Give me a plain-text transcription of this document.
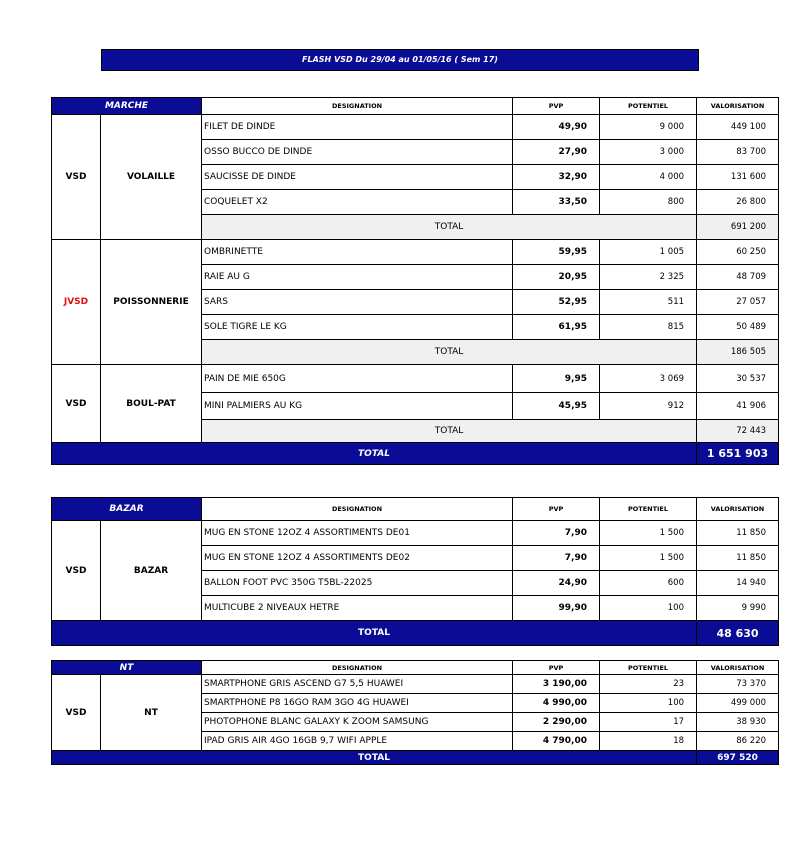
FLASH VSD Du 29/04 au 01/05/16 ( Sem 17)
MARCHE		DESIGNATION	PVP	POTENTIEL	VALORISATION
VSD	VOLAILLE	FILET DE DINDE	49,90	9 000	449 100
		OSSO BUCCO DE DINDE	27,90	3 000	83 700
		SAUCISSE DE DINDE	32,90	4 000	131 600
		COQUELET X2	33,50	800	26 800
		TOTAL			691 200
JVSD	POISSONNERIE	OMBRINETTE	59,95	1 005	60 250
		RAIE AU G	20,95	2 325	48 709
		SARS	52,95	511	27 057
		SOLE TIGRE LE KG	61,95	815	50 489
		TOTAL			186 505
VSD	BOUL-PAT	PAIN DE MIE 650G	9,95	3 069	30 537
		MINI PALMIERS AU KG	45,95	912	41 906
		TOTAL			72 443
TOTAL					1 651 903
BAZAR		DESIGNATION	PVP	POTENTIEL	VALORISATION
VSD	BAZAR	MUG EN STONE 12OZ 4 ASSORTIMENTS DE01	7,90	1 500	11 850
		MUG EN STONE 12OZ 4 ASSORTIMENTS DE02	7,90	1 500	11 850
		BALLON FOOT PVC 350G T5BL-22025	24,90	600	14 940
		MULTICUBE 2 NIVEAUX HETRE	99,90	100	9 990
TOTAL					48 630
NT		DESIGNATION	PVP	POTENTIEL	VALORISATION
VSD	NT	SMARTPHONE GRIS ASCEND G7 5,5 HUAWEI	3 190,00	23	73 370
		SMARTPHONE P8 16GO RAM 3GO 4G HUAWEI	4 990,00	100	499 000
		PHOTOPHONE BLANC GALAXY K ZOOM SAMSUNG	2 290,00	17	38 930
		IPAD GRIS AIR 4GO 16GB 9,7 WIFI APPLE	4 790,00	18	86 220
TOTAL					697 520
